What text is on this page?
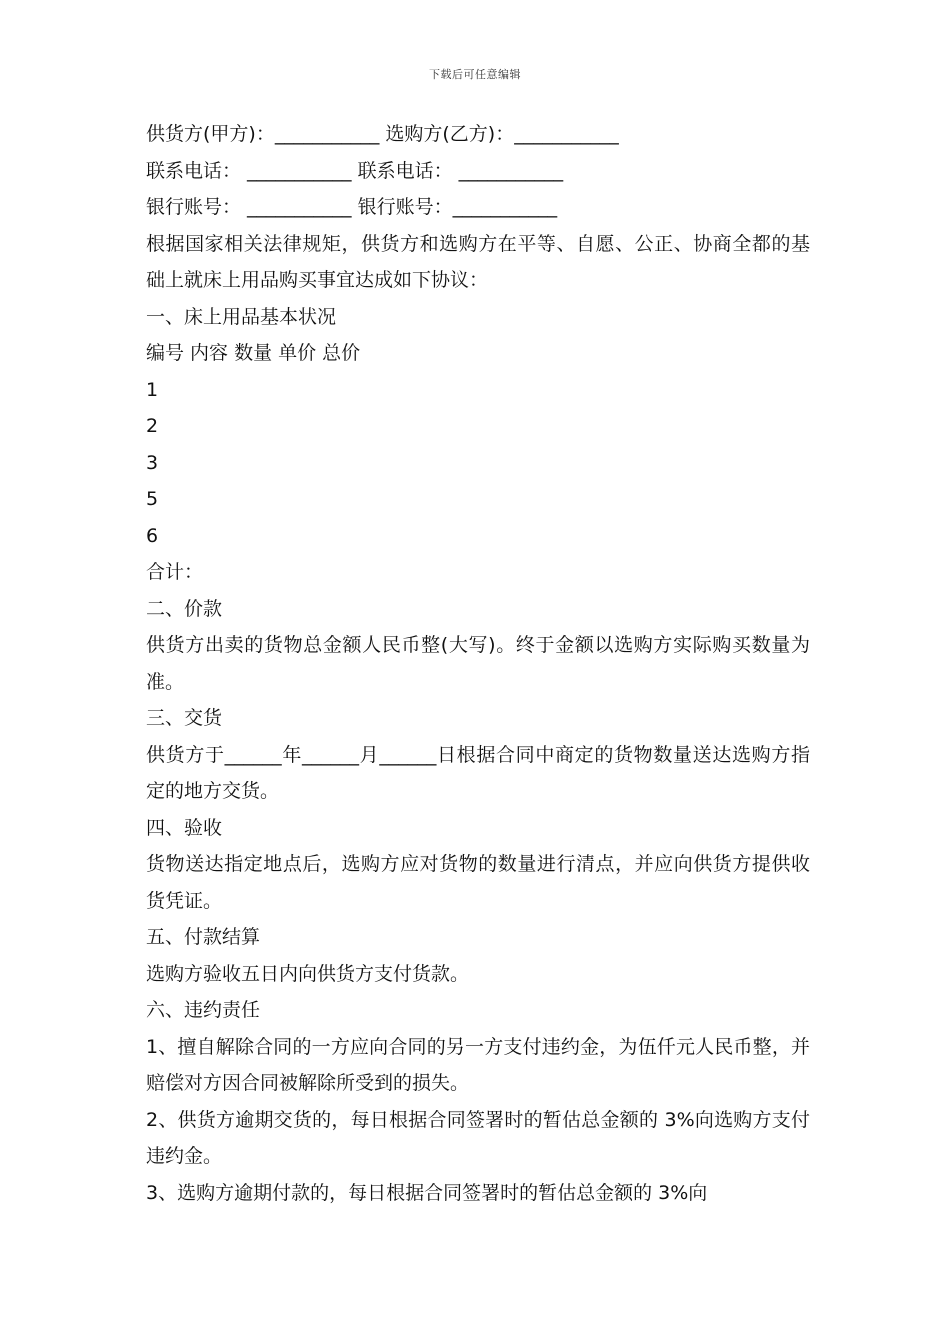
下载后可任意编辑
供货方(甲方)：___________ 选购方(乙方)：___________
联系电话： ___________ 联系电话： ___________
银行账号： ___________ 银行账号：___________
根据国家相关法律规矩，供货方和选购方在平等、自愿、公正、协商全都的基础上就床上用品购买事宜达成如下协议：
一、床上用品基本状况
编号 内容 数量 单价 总价
1
2
3
5
6
合计：
二、价款
供货方出卖的货物总金额人民币整(大写)。终于金额以选购方实际购买数量为准。
三、交货
供货方于______年______月______日根据合同中商定的货物数量送达选购方指定的地方交货。
四、验收
货物送达指定地点后，选购方应对货物的数量进行清点，并应向供货方提供收货凭证。
五、付款结算
选购方验收五日内向供货方支付货款。
六、违约责任
1、擅自解除合同的一方应向合同的另一方支付违约金，为伍仟元人民币整，并赔偿对方因合同被解除所受到的损失。
2、供货方逾期交货的，每日根据合同签署时的暂估总金额的 3%向选购方支付违约金。
3、选购方逾期付款的，每日根据合同签署时的暂估总金额的 3%向
